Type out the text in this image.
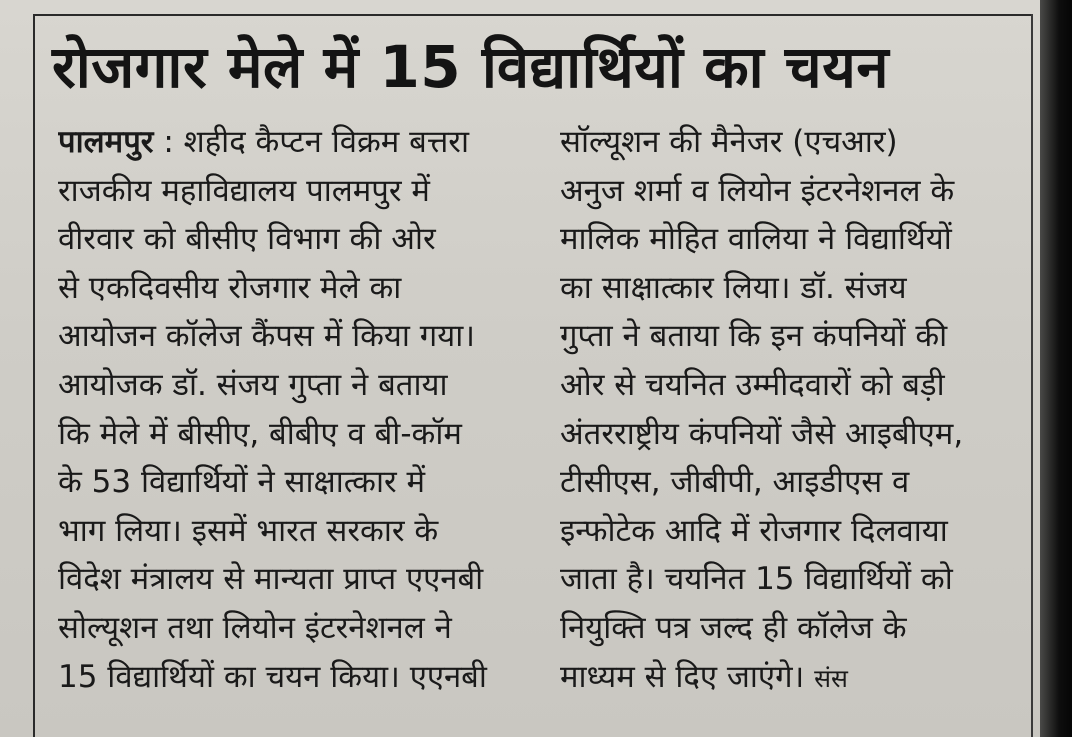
रोजगार मेले में 15 विद्यार्थियों का चयन
पालमपुर : शहीद कैप्टन विक्रम बत्तरा
राजकीय महाविद्यालय पालमपुर में
वीरवार को बीसीए विभाग की ओर
से एकदिवसीय रोजगार मेले का
आयोजन कॉलेज कैंपस में किया गया।
आयोजक डॉ. संजय गुप्ता ने बताया
कि मेले में बीसीए, बीबीए व बी-कॉम
के 53 विद्यार्थियों ने साक्षात्कार में
भाग लिया। इसमें भारत सरकार के
विदेश मंत्रालय से मान्यता प्राप्त एएनबी
सोल्यूशन तथा लियोन इंटरनेशनल ने
15 विद्यार्थियों का चयन किया। एएनबी
सॉल्यूशन की मैनेजर (एचआर)
अनुज शर्मा व लियोन इंटरनेशनल के
मालिक मोहित वालिया ने विद्यार्थियों
का साक्षात्कार लिया। डॉ. संजय
गुप्ता ने बताया कि इन कंपनियों की
ओर से चयनित उम्मीदवारों को बड़ी
अंतरराष्ट्रीय कंपनियों जैसे आइबीएम,
टीसीएस, जीबीपी, आइडीएस व
इन्फोटेक आदि में रोजगार दिलवाया
जाता है। चयनित 15 विद्यार्थियों को
नियुक्ति पत्र जल्द ही कॉलेज के
माध्यम से दिए जाएंगे। संस
